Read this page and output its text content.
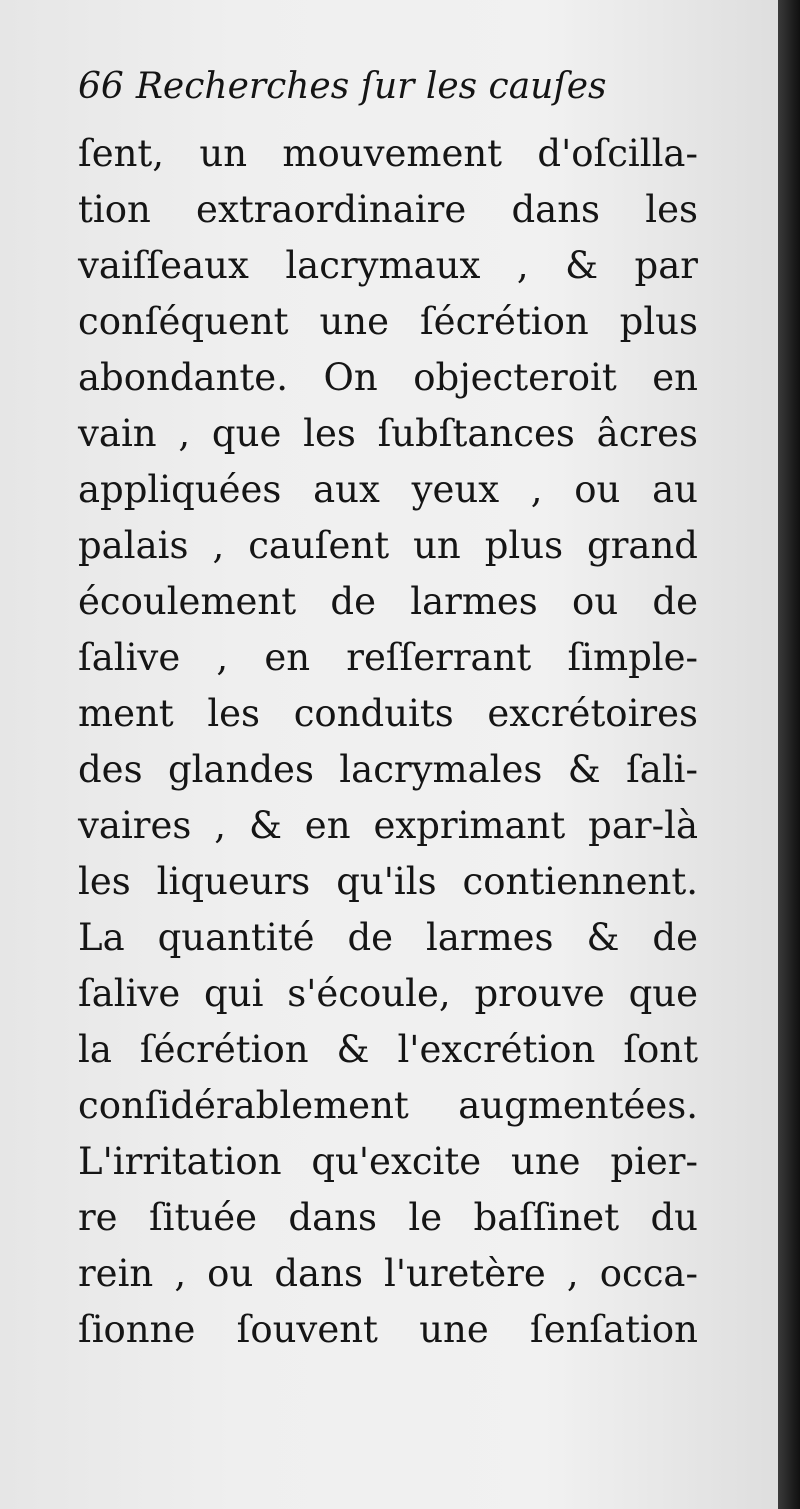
66 Recherches ſur les cauſes
ſent, un mouvement d'oſcilla-
tion extraordinaire dans les
vaiſſeaux lacrymaux , & par
conſéquent une ſécrétion plus
abondante. On objecteroit en
vain , que les ſubſtances âcres
appliquées aux yeux , ou au
palais , cauſent un plus grand
écoulement de larmes ou de
ſalive , en reſſerrant ſimple-
ment les conduits excrétoires
des glandes lacrymales & ſali-
vaires , & en exprimant par-là
les liqueurs qu'ils contiennent.
La quantité de larmes & de
ſalive qui s'écoule, prouve que
la ſécrétion & l'excrétion ſont
conſidérablement augmentées.
L'irritation qu'excite une pier-
re ſituée dans le baſſinet du
rein , ou dans l'uretère , occa-
ſionne ſouvent une ſenſation
